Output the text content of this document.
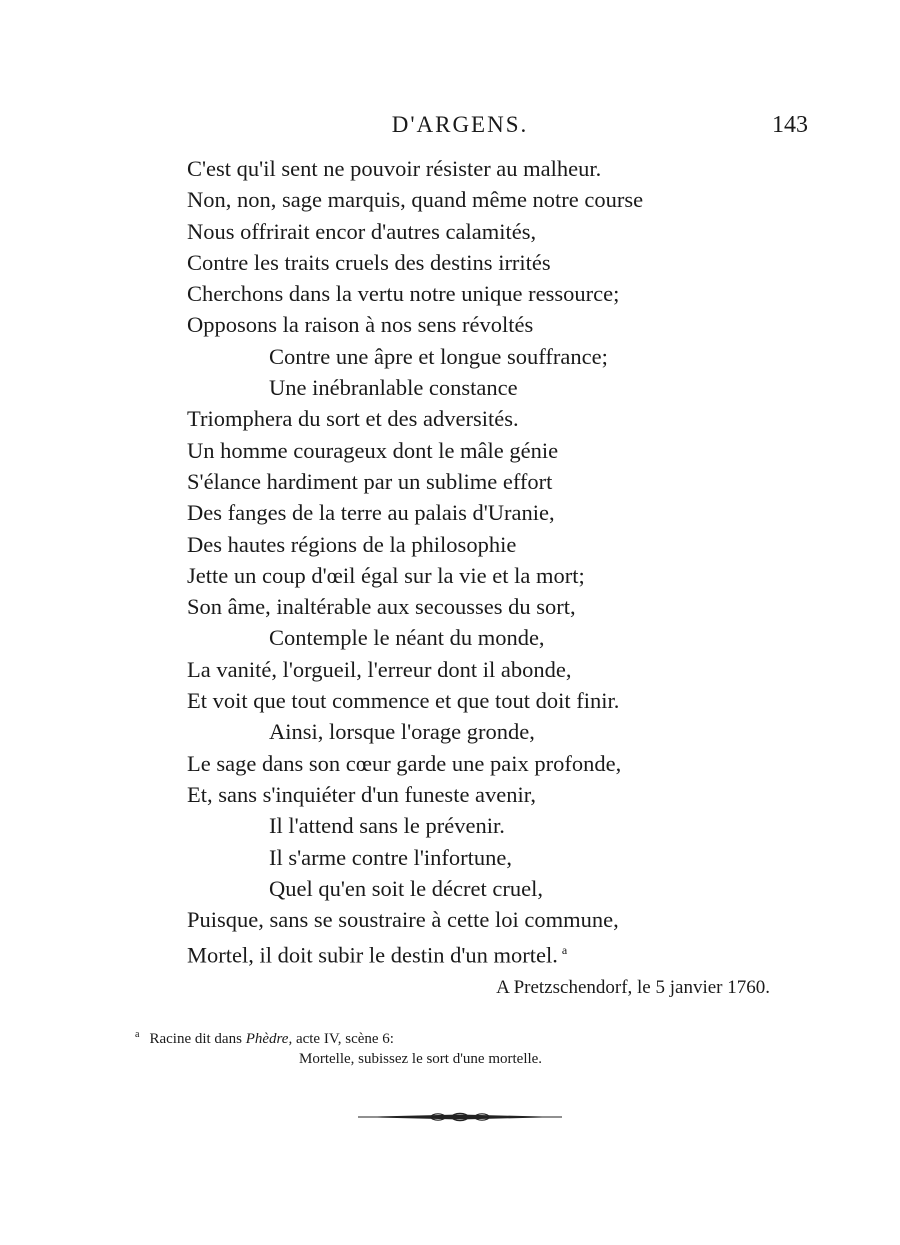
D'ARGENS.	143
C'est qu'il sent ne pouvoir résister au malheur.
Non, non, sage marquis, quand même notre course
Nous offrirait encor d'autres calamités,
Contre les traits cruels des destins irrités
Cherchons dans la vertu notre unique ressource;
Opposons la raison à nos sens révoltés
Contre une âpre et longue souffrance;
Une inébranlable constance
Triomphera du sort et des adversités.
Un homme courageux dont le mâle génie
S'élance hardiment par un sublime effort
Des fanges de la terre au palais d'Uranie,
Des hautes régions de la philosophie
Jette un coup d'œil égal sur la vie et la mort;
Son âme, inaltérable aux secousses du sort,
Contemple le néant du monde,
La vanité, l'orgueil, l'erreur dont il abonde,
Et voit que tout commence et que tout doit finir.
Ainsi, lorsque l'orage gronde,
Le sage dans son cœur garde une paix profonde,
Et, sans s'inquiéter d'un funeste avenir,
Il l'attend sans le prévenir.
Il s'arme contre l'infortune,
Quel qu'en soit le décret cruel,
Puisque, sans se soustraire à cette loi commune,
Mortel, il doit subir le destin d'un mortel. $^a$
A Pretzschendorf, le 5 janvier 1760.
$^a$ Racine dit dans Phèdre, acte IV, scène 6:
Mortelle, subissez le sort d'une mortelle.
